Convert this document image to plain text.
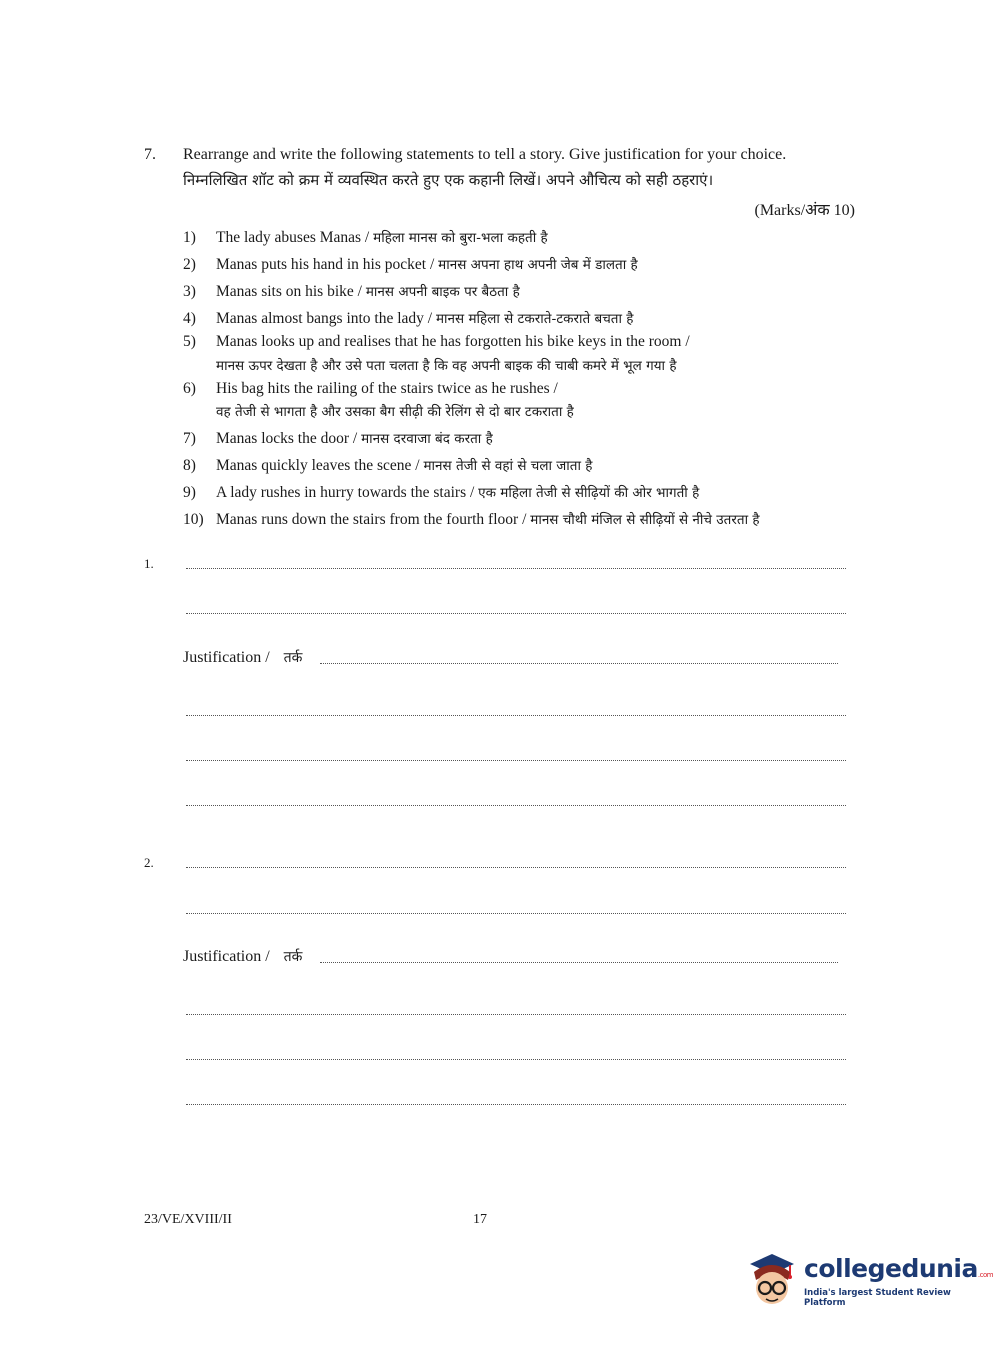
7. Rearrange and write the following statements to tell a story. Give justification for your choice.
निम्नलिखित शॉट को क्रम में व्यवस्थित करते हुए एक कहानी लिखें। अपने औचित्य को सही ठहराएं।
(Marks/अंक 10)
1) The lady abuses Manas / महिला मानस को बुरा-भला कहती है
2) Manas puts his hand in his pocket / मानस अपना हाथ अपनी जेब में डालता है
3) Manas sits on his bike / मानस अपनी बाइक पर बैठता है
4) Manas almost bangs into the lady / मानस महिला से टकराते-टकराते बचता है
5) Manas looks up and realises that he has forgotten his bike keys in the room /
मानस ऊपर देखता है और उसे पता चलता है कि वह अपनी बाइक की चाबी कमरे में भूल गया है
6) His bag hits the railing of the stairs twice as he rushes /
वह तेजी से भागता है और उसका बैग सीढ़ी की रेलिंग से दो बार टकराता है
7) Manas locks the door / मानस दरवाजा बंद करता है
8) Manas quickly leaves the scene / मानस तेजी से वहां से चला जाता है
9) A lady rushes in hurry towards the stairs / एक महिला तेजी से सीढ़ियों की ओर भागती है
10) Manas runs down the stairs from the fourth floor / मानस चौथी मंजिल से सीढ़ियों से नीचे उतरता है
1.
Justification / तर्क
2.
Justification / तर्क
23/VE/XVIII/II	17
collegedunia.com
India's largest Student Review Platform
